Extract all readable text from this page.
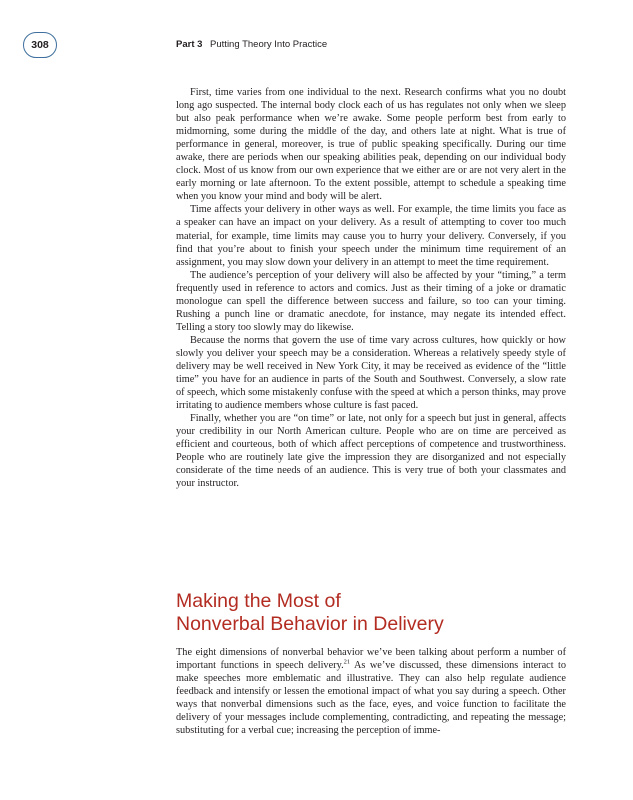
308	Part 3 Putting Theory Into Practice

First, time varies from one individual to the next. Research confirms what you no doubt long ago suspected. The internal body clock each of us has regulates not only when we sleep but also peak performance when we’re awake. Some people perform best from early to midmorning, some during the middle of the day, and others late at night. What is true of performance in general, moreover, is true of public speaking specifically. During our time awake, there are periods when our speaking abilities peak, depending on our individual body clock. Most of us know from our own experience that we either are or are not very alert in the early morning or late afternoon. To the extent possible, attempt to schedule a speaking time when you know your mind and body will be alert.

Time affects your delivery in other ways as well. For example, the time limits you face as a speaker can have an impact on your delivery. As a result of attempting to cover too much material, for example, time limits may cause you to hurry your delivery. Conversely, if you find that you’re about to finish your speech under the minimum time requirement of an assignment, you may slow down your delivery in an attempt to meet the time requirement.

The audience’s perception of your delivery will also be affected by your “timing,” a term frequently used in reference to actors and comics. Just as their timing of a joke or dramatic monologue can spell the difference between success and failure, so too can your timing. Rushing a punch line or dramatic anecdote, for instance, may negate its intended effect. Telling a story too slowly may do likewise.

Because the norms that govern the use of time vary across cultures, how quickly or how slowly you deliver your speech may be a consideration. Whereas a relatively speedy style of delivery may be well received in New York City, it may be received as evidence of the “little time” you have for an audience in parts of the South and Southwest. Conversely, a slow rate of speech, which some mistakenly confuse with the speed at which a person thinks, may prove irritating to audience members whose culture is fast paced.

Finally, whether you are “on time” or late, not only for a speech but just in general, affects your credibility in our North American culture. People who are on time are perceived as efficient and courteous, both of which affect perceptions of competence and trustworthiness. People who are routinely late give the impression they are disorganized and not especially considerate of the time needs of an audience. This is very true of both your classmates and your instructor.

Making the Most of
Nonverbal Behavior in Delivery

The eight dimensions of nonverbal behavior we’ve been talking about perform a number of important functions in speech delivery.$^{21}$ As we’ve discussed, these dimensions interact to make speeches more emblematic and illustrative. They can also help regulate audience feedback and intensify or lessen the emotional impact of what you say during a speech. Other ways that nonverbal dimensions such as the face, eyes, and voice function to facilitate the delivery of your messages include complementing, contradicting, and repeating the message; substituting for a verbal cue; increasing the perception of imme-
